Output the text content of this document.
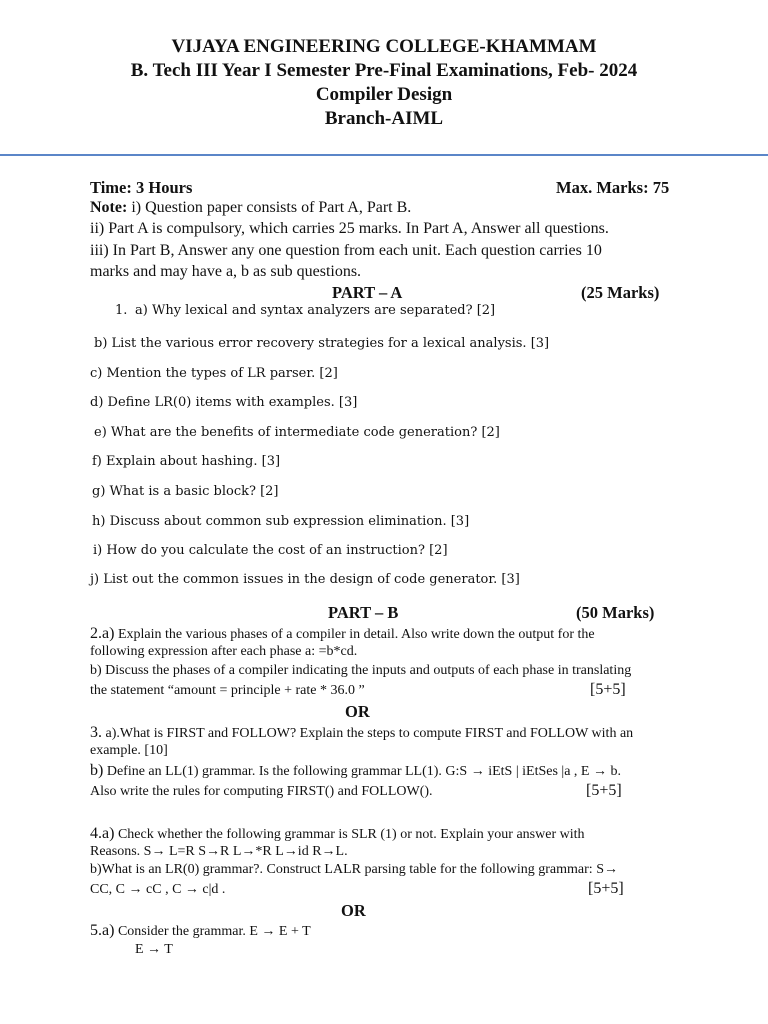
VIJAYA ENGINEERING COLLEGE-KHAMMAM
B. Tech III Year I Semester Pre-Final Examinations, Feb- 2024
Compiler Design
Branch-AIML
Time: 3 Hours	Max. Marks: 75
Note: i) Question paper consists of Part A, Part B.
ii) Part A is compulsory, which carries 25 marks. In Part A, Answer all questions.
iii) In Part B, Answer any one question from each unit. Each question carries 10
marks and may have a, b as sub questions.
PART – A	(25 Marks)
1. a) Why lexical and syntax analyzers are separated? [2]
b) List the various error recovery strategies for a lexical analysis. [3]
c) Mention the types of LR parser. [2]
d) Define LR(0) items with examples. [3]
e) What are the benefits of intermediate code generation? [2]
f) Explain about hashing. [3]
g) What is a basic block? [2]
h) Discuss about common sub expression elimination. [3]
i) How do you calculate the cost of an instruction? [2]
j) List out the common issues in the design of code generator. [3]
PART – B	(50 Marks)
2.a) Explain the various phases of a compiler in detail. Also write down the output for the
following expression after each phase a: =b*cd.
b) Discuss the phases of a compiler indicating the inputs and outputs of each phase in translating
the statement “amount = principle + rate * 36.0 ”	[5+5]
OR
3. a).What is FIRST and FOLLOW? Explain the steps to compute FIRST and FOLLOW with an
example. [10]
b) Define an LL(1) grammar. Is the following grammar LL(1). G:S → iEtS | iEtSes |a , E → b.
Also write the rules for computing FIRST() and FOLLOW().	[5+5]
4.a) Check whether the following grammar is SLR (1) or not. Explain your answer with
Reasons. S→ L=R S→R L→*R L→id R→L.
b)What is an LR(0) grammar?. Construct LALR parsing table for the following grammar: S→
CC, C → cC , C → c|d .	[5+5]
OR
5.a) Consider the grammar. E → E + T
E → T
